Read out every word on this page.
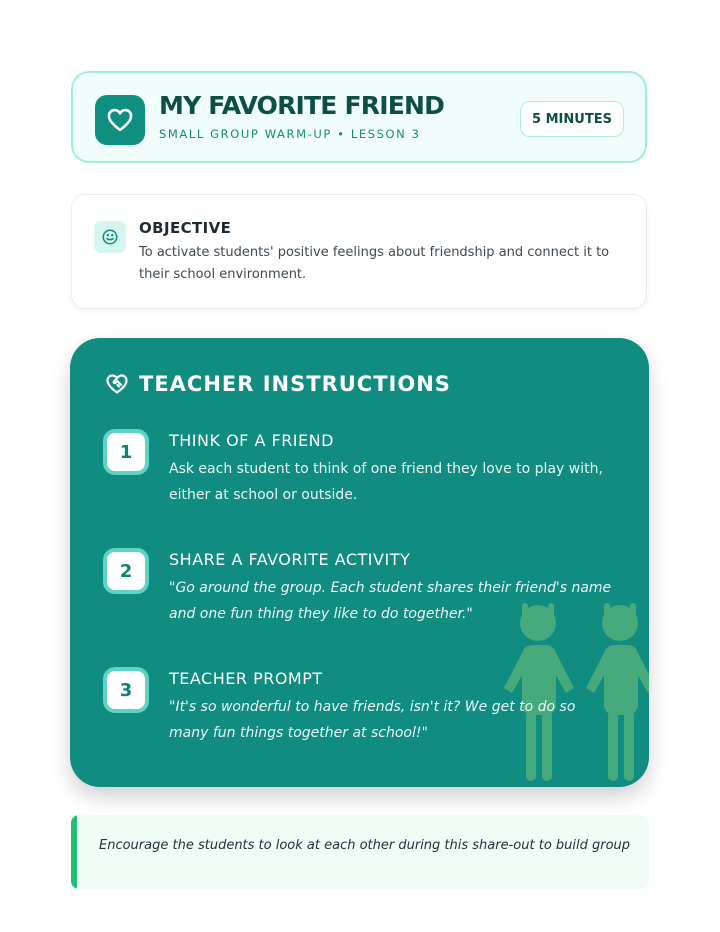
MY FAVORITE FRIEND
SMALL GROUP WARM-UP • LESSON 3
5 MINUTES
OBJECTIVE
To activate students' positive feelings about friendship and connect it to their school environment.
TEACHER INSTRUCTIONS
1
THINK OF A FRIEND
Ask each student to think of one friend they love to play with, either at school or outside.
2
SHARE A FAVORITE ACTIVITY
"Go around the group. Each student shares their friend's name and one fun thing they like to do together."
3
TEACHER PROMPT
"It's so wonderful to have friends, isn't it? We get to do so many fun things together at school!"
Encourage the students to look at each other during this share-out to build group
